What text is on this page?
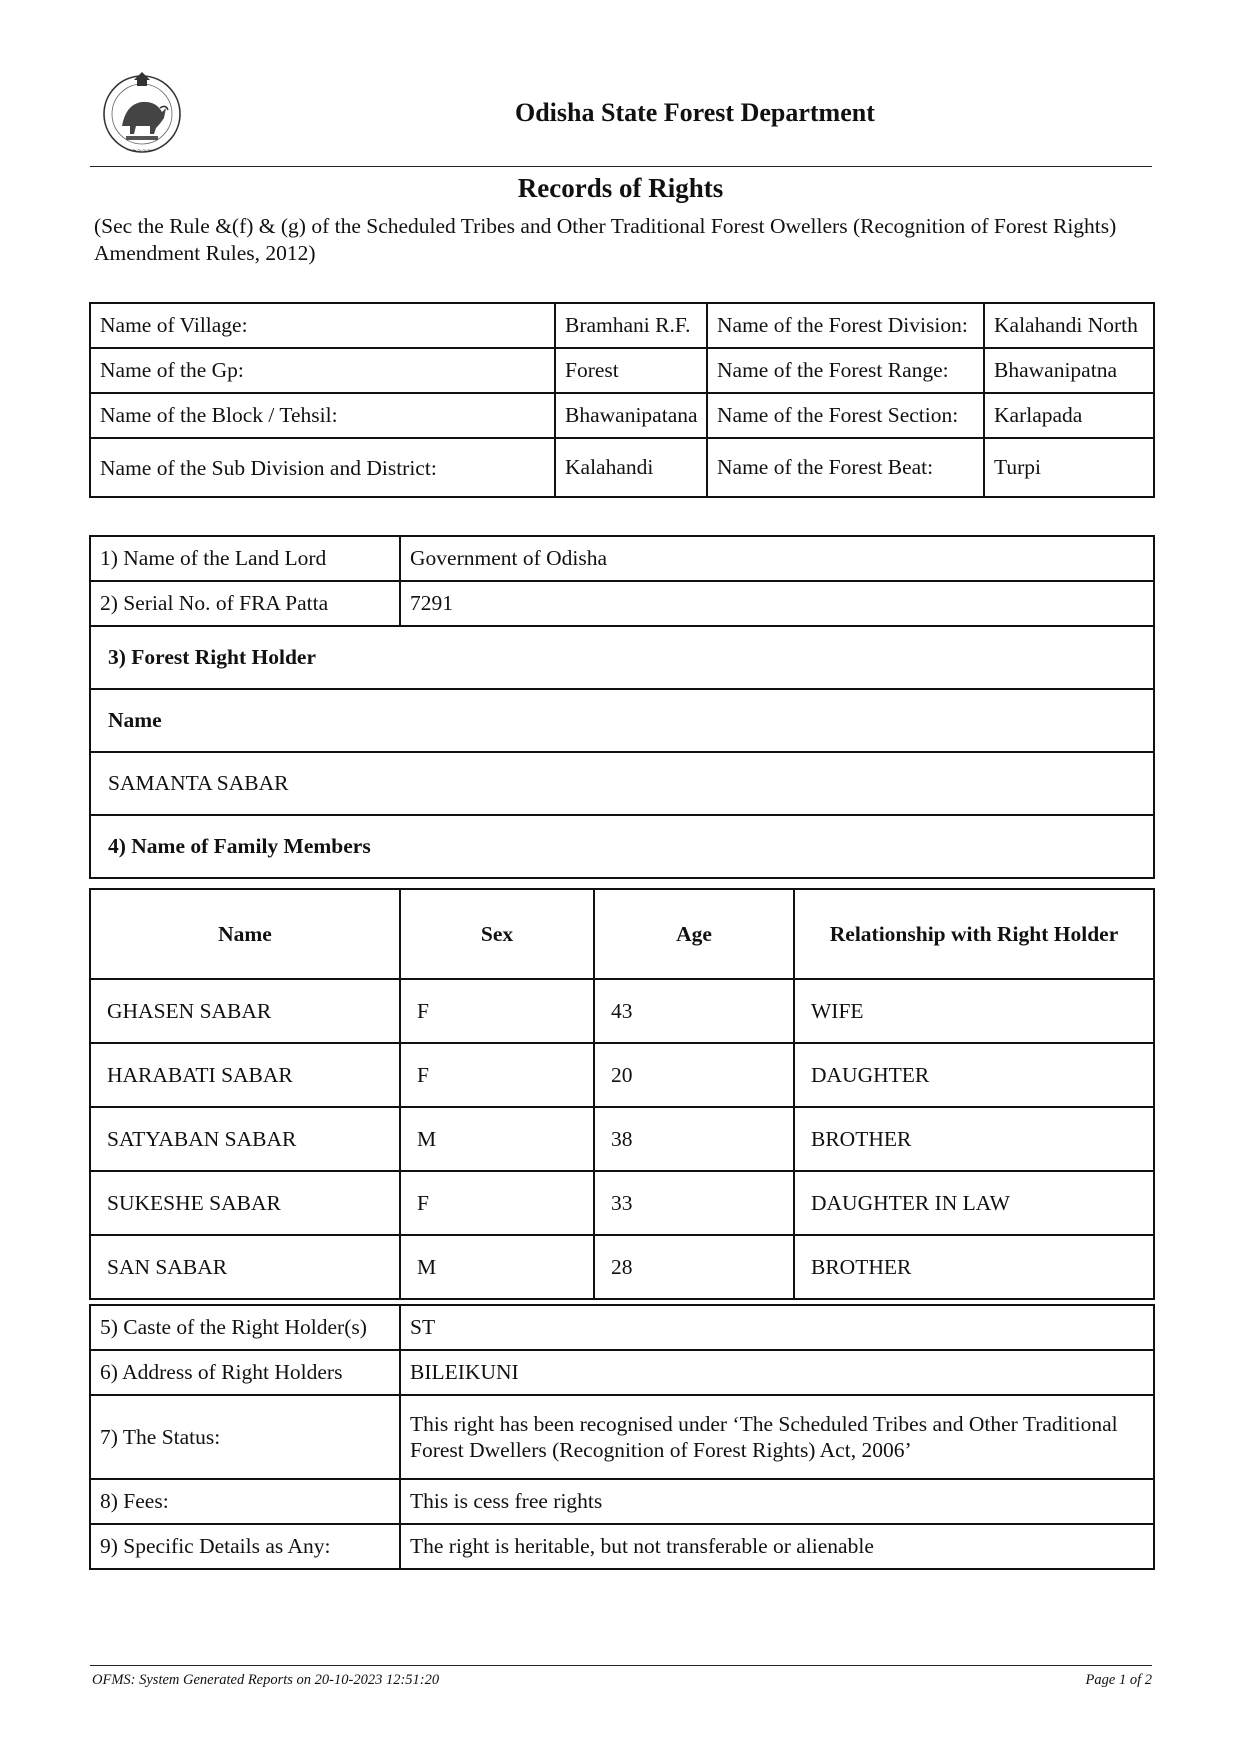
~~~~~~
Odisha State Forest Department
Records of Rights
(Sec the Rule &(f) & (g) of the Scheduled Tribes and Other Traditional Forest Owellers (Recognition of Forest Rights) Amendment Rules, 2012)
Name of Village:	Bramhani R.F.	Name of the Forest Division:	Kalahandi North
Name of the Gp:	Forest	Name of the Forest Range:	Bhawanipatna
Name of the Block / Tehsil:	Bhawanipatana	Name of the Forest Section:	Karlapada
Name of the Sub Division and District:	Kalahandi	Name of the Forest Beat:	Turpi
1) Name of the Land Lord	Government of Odisha
2) Serial No. of FRA Patta	7291
3) Forest Right Holder	
Name	
SAMANTA SABAR	
4) Name of Family Members	
Name	Sex	Age	Relationship with Right Holder
GHASEN SABAR	F	43	WIFE
HARABATI SABAR	F	20	DAUGHTER
SATYABAN SABAR	M	38	BROTHER
SUKESHE SABAR	F	33	DAUGHTER IN LAW
SAN SABAR	M	28	BROTHER
5) Caste of the Right Holder(s)	ST
6) Address of Right Holders	BILEIKUNI
7) The Status:	This right has been recognised under ‘The Scheduled Tribes and Other Traditional Forest Dwellers (Recognition of Forest Rights) Act, 2006’
8) Fees:	This is cess free rights
9) Specific Details as Any:	The right is heritable, but not transferable or alienable
OFMS: System Generated Reports on 20-10-2023 12:51:20	Page 1 of 2
